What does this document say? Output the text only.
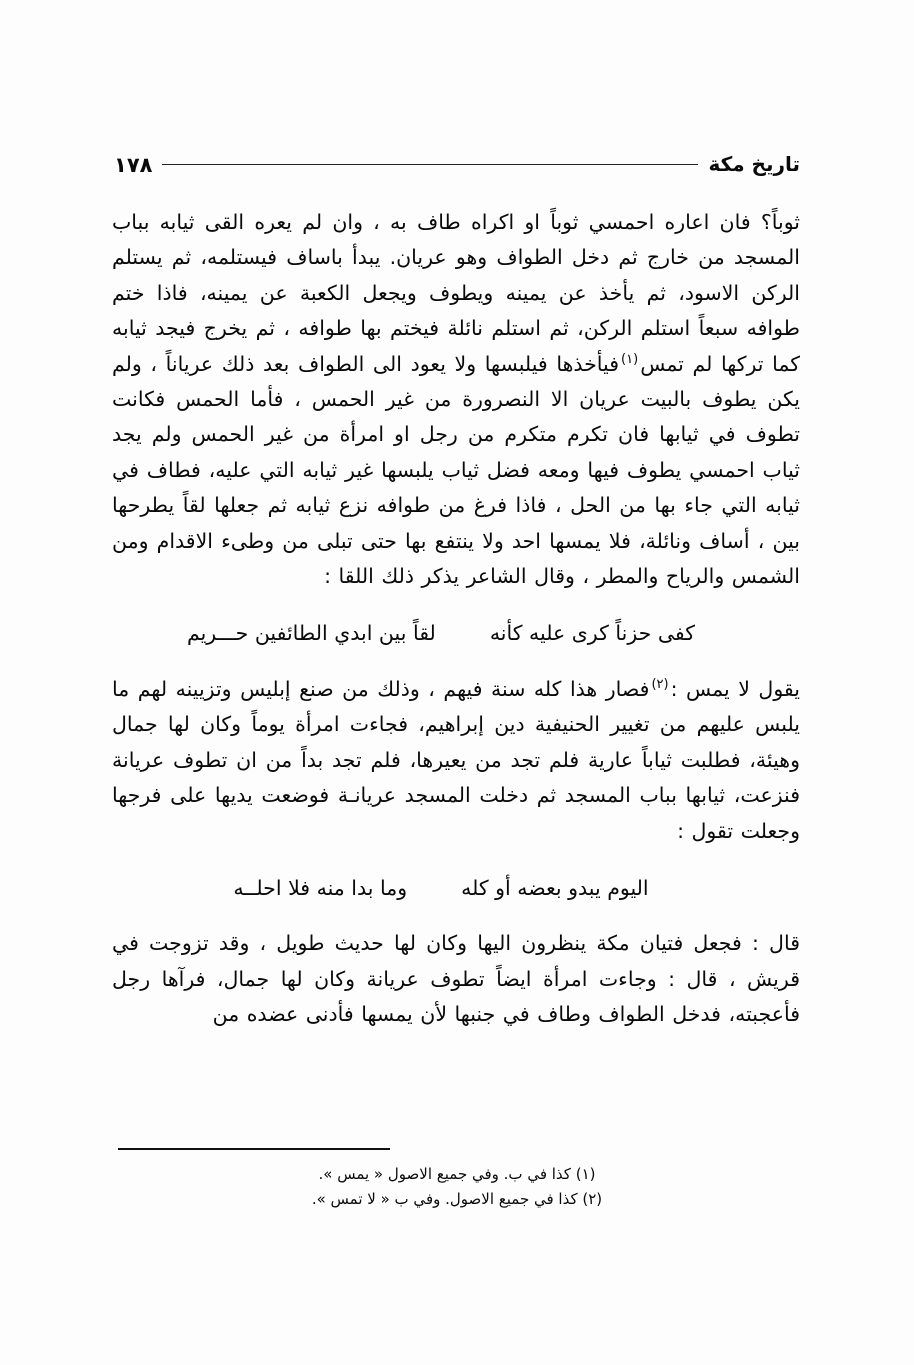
تاريخ مكة
١٧٨

ثوباً؟ فان اعاره احمسي ثوباً او اكراه طاف به ، وان لم يعره القى ثيابه بباب المسجد من خارج ثم دخل الطواف وهو عريان. يبدأ باساف فيستلمه، ثم يستلم الركن الاسود، ثم يأخذ عن يمينه ويطوف ويجعل الكعبة عن يمينه، فاذا ختم طوافه سبعاً استلم الركن، ثم استلم نائلة فيختم بها طوافه ، ثم يخرج فيجد ثيابه كما تركها لم تمس$^{(١)}$فيأخذها فيلبسها ولا يعود الى الطواف بعد ذلك عرياناً ، ولم يكن يطوف بالبيت عريان الا النصرورة من غير الحمس ، فأما الحمس فكانت تطوف في ثيابها فان تكرم متكرم من رجل او امرأة من غير الحمس ولم يجد ثياب احمسي يطوف فيها ومعه فضل ثياب يلبسها غير ثيابه التي عليه، فطاف في ثيابه التي جاء بها من الحل ، فاذا فرغ من طوافه نزع ثيابه ثم جعلها لقاً يطرحها بين ، أساف ونائلة، فلا يمسها احد ولا ينتفع بها حتى تبلى من وطىء الاقدام ومن الشمس والرياح والمطر ، وقال الشاعر يذكر ذلك اللقا :

كفى حزناً كرى عليه كأنه
لقاً بين ابدي الطائفين حـــريم

يقول لا يمس :$^{(٢)}$فصار هذا كله سنة فيهم ، وذلك من صنع إبليس وتزيينه لهم ما يلبس عليهم من تغيير الحنيفية دين إبراهيم، فجاءت امرأة يوماً وكان لها جمال وهيئة، فطلبت ثياباً عارية فلم تجد من يعيرها، فلم تجد بداً من ان تطوف عريانة فنزعت، ثيابها بباب المسجد ثم دخلت المسجد عريانـة فوضعت يديها على فرجها وجعلت تقول :

اليوم يبدو بعضه أو كله
وما بدا منه فلا احلــه

قال : فجعل فتيان مكة ينظرون اليها وكان لها حديث طويل ، وقد تزوجت في قريش ، قال : وجاءت امرأة ايضاً تطوف عريانة وكان لها جمال، فرآها رجل فأعجبته، فدخل الطواف وطاف في جنبها لأن يمسها فأدنى عضده من

(١) كذا في ب. وفي جميع الاصول « يمس ».
(٢) كذا في جميع الاصول. وفي ب « لا تمس ».
